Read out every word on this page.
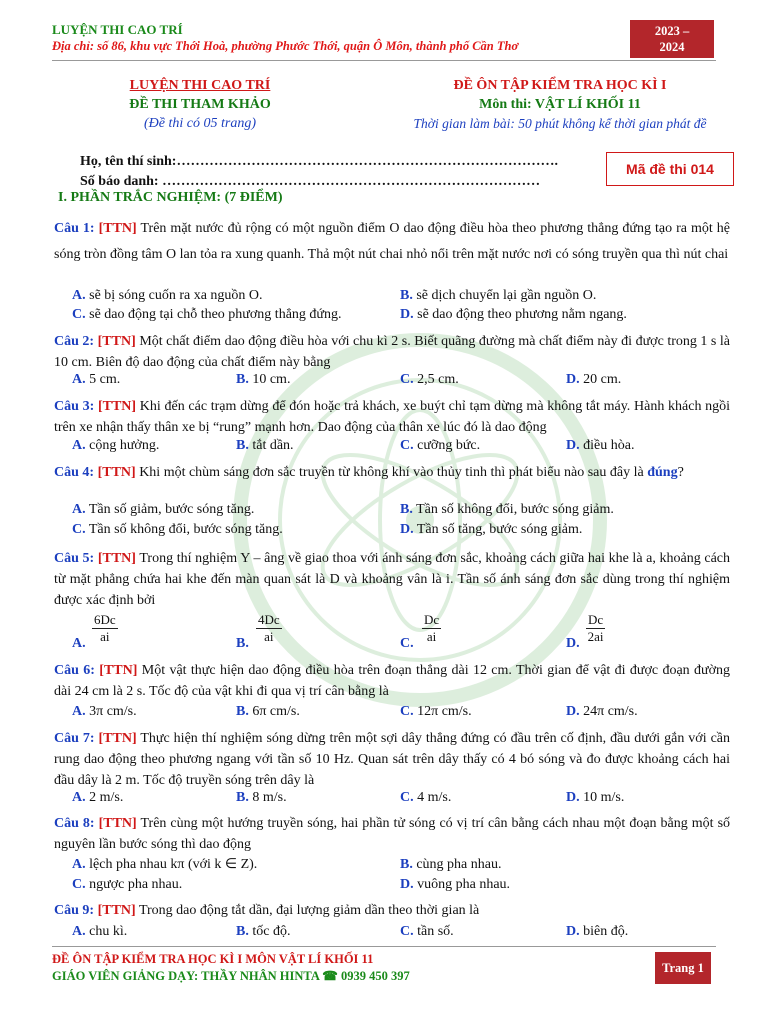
LUYỆN THI CAO TRÍ
Địa chỉ: số 86, khu vực Thới Hoà, phường Phước Thới, quận Ô Môn, thành phố Cần Thơ
2023 –
2024
LUYỆN THI CAO TRÍ
ĐỀ THI THAM KHẢO
(Đề thi có 05 trang)
ĐỀ ÔN TẬP KIỂM TRA HỌC KÌ I
Môn thi: VẬT LÍ KHỐI 11
Thời gian làm bài: 50 phút không kể thời gian phát đề
Họ, tên thí sinh:……………………………………………………………………….
Số báo danh: ………………………………………………………………………
Mã đề thi 014
I. PHẦN TRẮC NGHIỆM: (7 ĐIỂM)
Câu 1: [TTN] Trên mặt nước đủ rộng có một nguồn điểm O dao động điều hòa theo phương thẳng đứng tạo ra một hệ sóng tròn đồng tâm O lan tỏa ra xung quanh. Thả một nút chai nhỏ nổi trên mặt nước nơi có sóng truyền qua thì nút chai
A. sẽ bị sóng cuốn ra xa nguồn O.	B. sẽ dịch chuyển lại gần nguồn O.
C. sẽ dao động tại chỗ theo phương thẳng đứng.	D. sẽ dao động theo phương nằm ngang.
Câu 2: [TTN] Một chất điểm dao động điều hòa với chu kì 2 s. Biết quãng đường mà chất điểm này đi được trong 1 s là 10 cm. Biên độ dao động của chất điểm này bằng
A. 5 cm.	B. 10 cm.	C. 2,5 cm.	D. 20 cm.
Câu 3: [TTN] Khi đến các trạm dừng để đón hoặc trả khách, xe buýt chỉ tạm dừng mà không tắt máy. Hành khách ngồi trên xe nhận thấy thân xe bị “rung” mạnh hơn. Dao động của thân xe lúc đó là dao động
A. cộng hưởng.	B. tắt dần.	C. cưỡng bức.	D. điều hòa.
Câu 4: [TTN] Khi một chùm sáng đơn sắc truyền từ không khí vào thủy tinh thì phát biểu nào sau đây là đúng?
A. Tần số giảm, bước sóng tăng.	B. Tần số không đổi, bước sóng giảm.
C. Tần số không đổi, bước sóng tăng.	D. Tần số tăng, bước sóng giảm.
Câu 5: [TTN] Trong thí nghiệm Y – âng về giao thoa với ánh sáng đơn sắc, khoảng cách giữa hai khe là a, khoảng cách từ mặt phẳng chứa hai khe đến màn quan sát là D và khoảng vân là i. Tần số ánh sáng đơn sắc dùng trong thí nghiệm được xác định bởi
A. $\frac{6Dc}{ai}$	B. $\frac{4Dc}{ai}$	C. $\frac{Dc}{ai}$	D. $\frac{Dc}{2ai}$
Câu 6: [TTN] Một vật thực hiện dao động điều hòa trên đoạn thẳng dài 12 cm. Thời gian để vật đi được đoạn đường dài 24 cm là 2 s. Tốc độ của vật khi đi qua vị trí cân bằng là
A. 3π cm/s.	B. 6π cm/s.	C. 12π cm/s.	D. 24π cm/s.
Câu 7: [TTN] Thực hiện thí nghiệm sóng dừng trên một sợi dây thẳng đứng có đầu trên cố định, đầu dưới gắn với cần rung dao động theo phương ngang với tần số 10 Hz. Quan sát trên dây thấy có 4 bó sóng và đo được khoảng cách hai đầu dây là 2 m. Tốc độ truyền sóng trên dây là
A. 2 m/s.	B. 8 m/s.	C. 4 m/s.	D. 10 m/s.
Câu 8: [TTN] Trên cùng một hướng truyền sóng, hai phần tử sóng có vị trí cân bằng cách nhau một đoạn bằng một số nguyên lần bước sóng thì dao động
A. lệch pha nhau kπ (với k ∈ Z).	B. cùng pha nhau.
C. ngược pha nhau.	D. vuông pha nhau.
Câu 9: [TTN] Trong dao động tắt dần, đại lượng giảm dần theo thời gian là
A. chu kì.	B. tốc độ.	C. tần số.	D. biên độ.
ĐỀ ÔN TẬP KIỂM TRA HỌC KÌ I MÔN VẬT LÍ KHỐI 11
GIÁO VIÊN GIẢNG DẠY: THẦY NHÂN HINTA ☎ 0939 450 397
Trang 1
